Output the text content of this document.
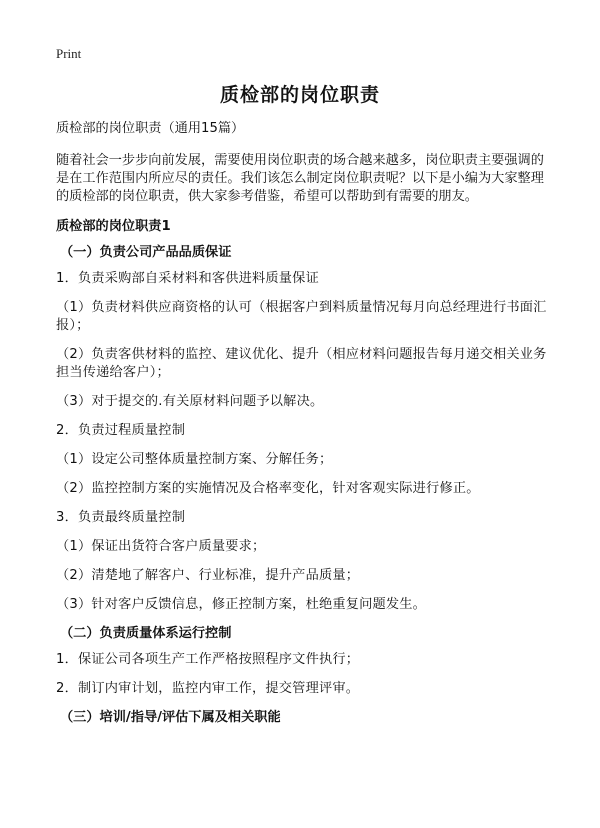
Print
质检部的岗位职责

质检部的岗位职责（通用15篇）

随着社会一步步向前发展，需要使用岗位职责的场合越来越多，岗位职责主要强调的是在工作范围内所应尽的责任。我们该怎么制定岗位职责呢？以下是小编为大家整理的质检部的岗位职责，供大家参考借鉴，希望可以帮助到有需要的朋友。

质检部的岗位职责1

（一）负责公司产品品质保证

1．负责采购部自采材料和客供进料质量保证

（1）负责材料供应商资格的认可（根据客户到料质量情况每月向总经理进行书面汇报）；

（2）负责客供材料的监控、建议优化、提升（相应材料问题报告每月递交相关业务担当传递给客户）；

（3）对于提交的.有关原材料问题予以解决。

2．负责过程质量控制

（1）设定公司整体质量控制方案、分解任务；

（2）监控控制方案的实施情况及合格率变化，针对客观实际进行修正。

3．负责最终质量控制

（1）保证出货符合客户质量要求；

（2）清楚地了解客户、行业标准，提升产品质量；

（3）针对客户反馈信息，修正控制方案，杜绝重复问题发生。

（二）负责质量体系运行控制

1．保证公司各项生产工作严格按照程序文件执行；

2．制订内审计划，监控内审工作，提交管理评审。

（三）培训/指导/评估下属及相关职能
